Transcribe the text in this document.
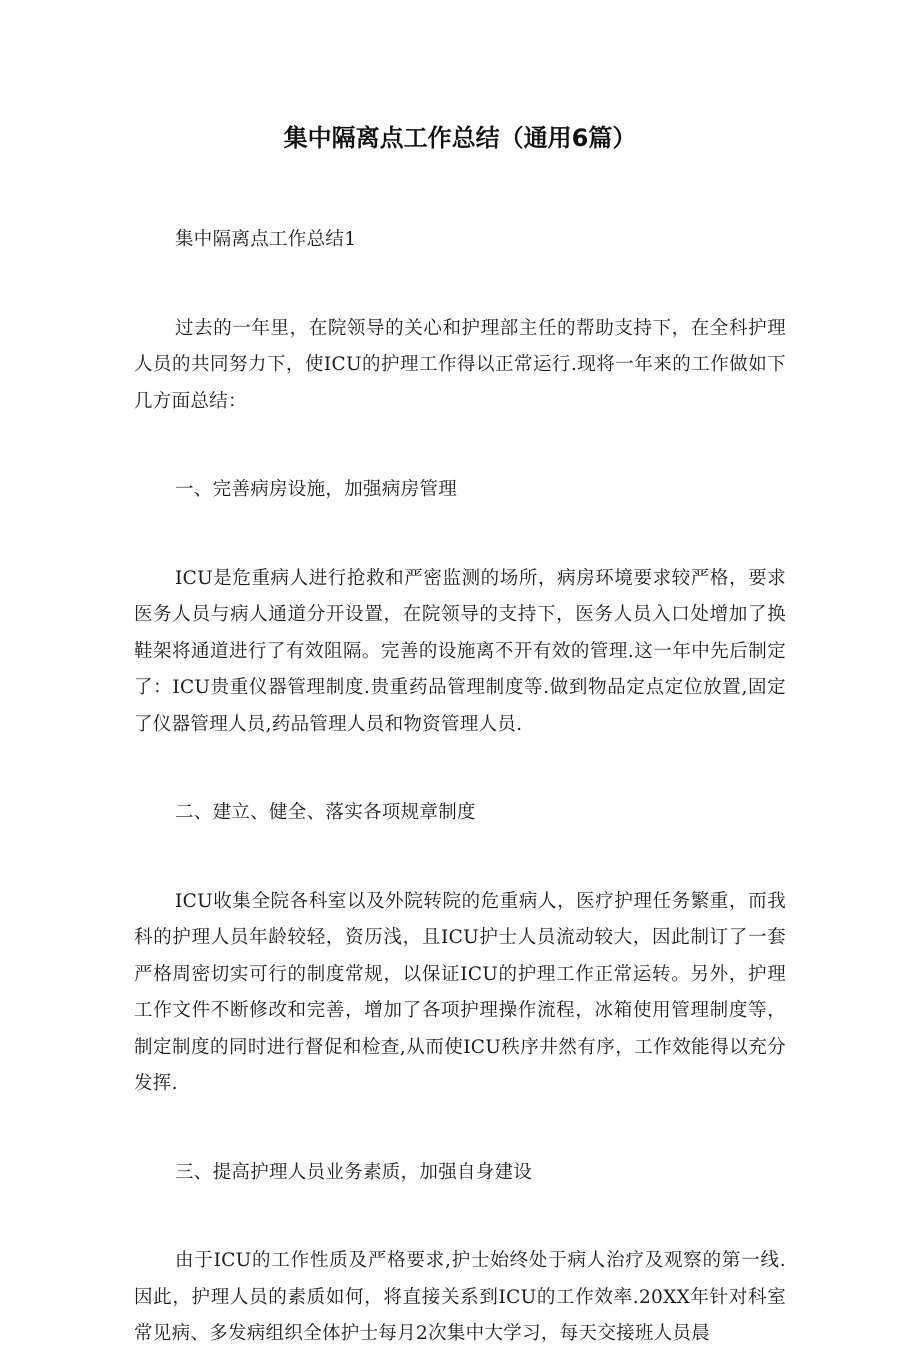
集中隔离点工作总结（通用6篇）

集中隔离点工作总结1

过去的一年里，在院领导的关心和护理部主任的帮助支持下，在全科护理人员的共同努力下，使ICU的护理工作得以正常运行.现将一年来的工作做如下几方面总结：

一、完善病房设施，加强病房管理

ICU是危重病人进行抢救和严密监测的场所，病房环境要求较严格，要求医务人员与病人通道分开设置，在院领导的支持下，医务人员入口处增加了换鞋架将通道进行了有效阻隔。完善的设施离不开有效的管理.这一年中先后制定了：ICU贵重仪器管理制度.贵重药品管理制度等.做到物品定点定位放置,固定了仪器管理人员,药品管理人员和物资管理人员.

二、建立、健全、落实各项规章制度

ICU收集全院各科室以及外院转院的危重病人，医疗护理任务繁重，而我科的护理人员年龄较轻，资历浅，且ICU护士人员流动较大，因此制订了一套严格周密切实可行的制度常规，以保证ICU的护理工作正常运转。另外，护理工作文件不断修改和完善，增加了各项护理操作流程，冰箱使用管理制度等，制定制度的同时进行督促和检查,从而使ICU秩序井然有序，工作效能得以充分发挥.

三、提高护理人员业务素质，加强自身建设

由于ICU的工作性质及严格要求,护士始终处于病人治疗及观察的第一线.因此，护理人员的素质如何，将直接关系到ICU的工作效率.20XX年针对科室常见病、多发病组织全体护士每月2次集中大学习，每天交接班人员晨
